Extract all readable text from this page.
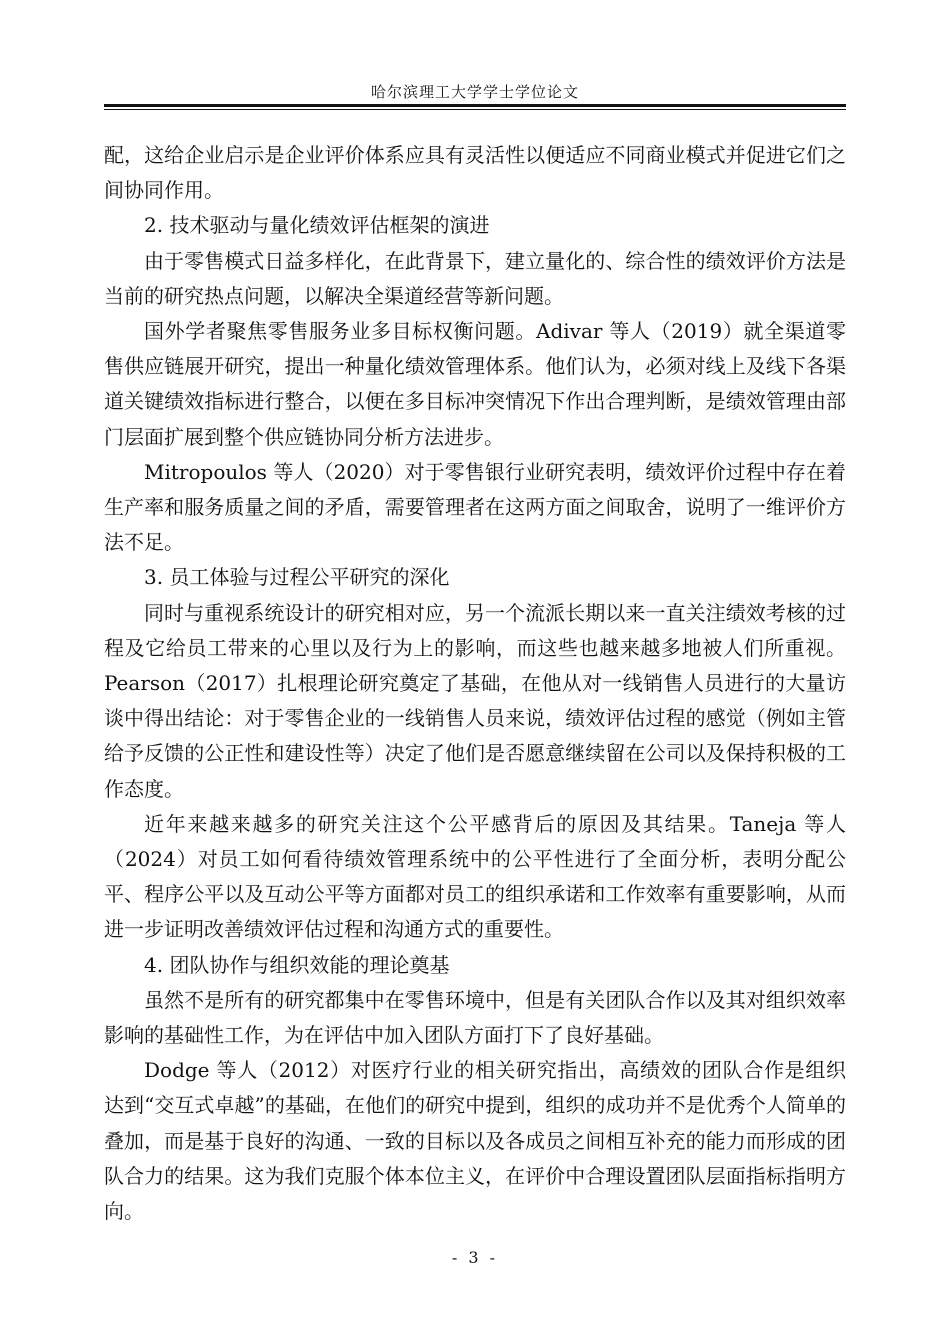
哈尔滨理工大学学士学位论文

配，这给企业启示是企业评价体系应具有灵活性以便适应不同商业模式并促进它们之间协同作用。

2. 技术驱动与量化绩效评估框架的演进

由于零售模式日益多样化，在此背景下，建立量化的、综合性的绩效评价方法是当前的研究热点问题，以解决全渠道经营等新问题。

国外学者聚焦零售服务业多目标权衡问题。Adivar 等人（2019）就全渠道零售供应链展开研究，提出一种量化绩效管理体系。他们认为，必须对线上及线下各渠道关键绩效指标进行整合，以便在多目标冲突情况下作出合理判断，是绩效管理由部门层面扩展到整个供应链协同分析方法进步。

Mitropoulos 等人（2020）对于零售银行业研究表明，绩效评价过程中存在着生产率和服务质量之间的矛盾，需要管理者在这两方面之间取舍，说明了一维评价方法不足。

3. 员工体验与过程公平研究的深化

同时与重视系统设计的研究相对应，另一个流派长期以来一直关注绩效考核的过程及它给员工带来的心里以及行为上的影响，而这些也越来越多地被人们所重视。Pearson（2017）扎根理论研究奠定了基础，在他从对一线销售人员进行的大量访谈中得出结论：对于零售企业的一线销售人员来说，绩效评估过程的感觉（例如主管给予反馈的公正性和建设性等）决定了他们是否愿意继续留在公司以及保持积极的工作态度。

近年来越来越多的研究关注这个公平感背后的原因及其结果。Taneja 等人（2024）对员工如何看待绩效管理系统中的公平性进行了全面分析，表明分配公平、程序公平以及互动公平等方面都对员工的组织承诺和工作效率有重要影响，从而进一步证明改善绩效评估过程和沟通方式的重要性。

4. 团队协作与组织效能的理论奠基

虽然不是所有的研究都集中在零售环境中，但是有关团队合作以及其对组织效率影响的基础性工作，为在评估中加入团队方面打下了良好基础。

Dodge 等人（2012）对医疗行业的相关研究指出，高绩效的团队合作是组织达到“交互式卓越”的基础，在他们的研究中提到，组织的成功并不是优秀个人简单的叠加，而是基于良好的沟通、一致的目标以及各成员之间相互补充的能力而形成的团队合力的结果。这为我们克服个体本位主义，在评价中合理设置团队层面指标指明方向。

- 3 -
